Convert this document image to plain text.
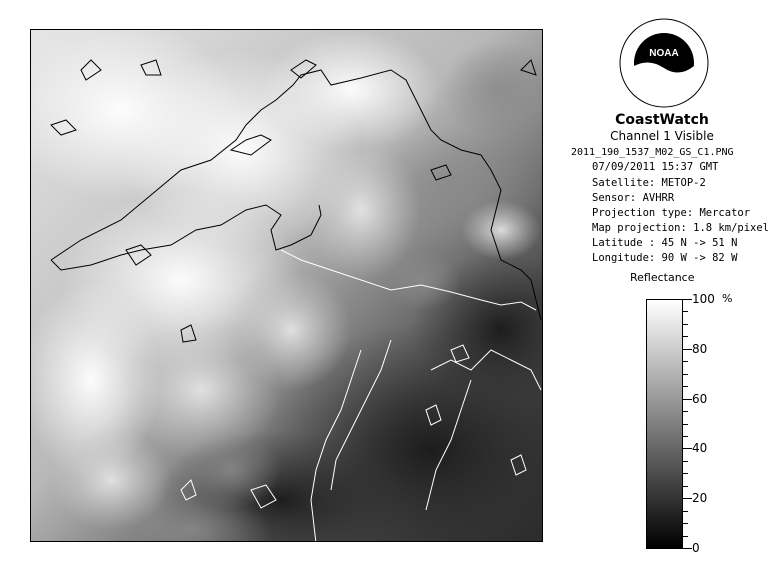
NOAA
CoastWatch
Channel 1 Visible
2011_190_1537_M02_GS_C1.PNG
07/09/2011 15:37 GMT
Satellite: METOP-2
Sensor: AVHRR
Projection type: Mercator
Map projection: 1.8 km/pixel
Latitude : 45 N -> 51 N
Longitude: 90 W -> 82 W
Reflectance
%
100
80
60
40
20
0
